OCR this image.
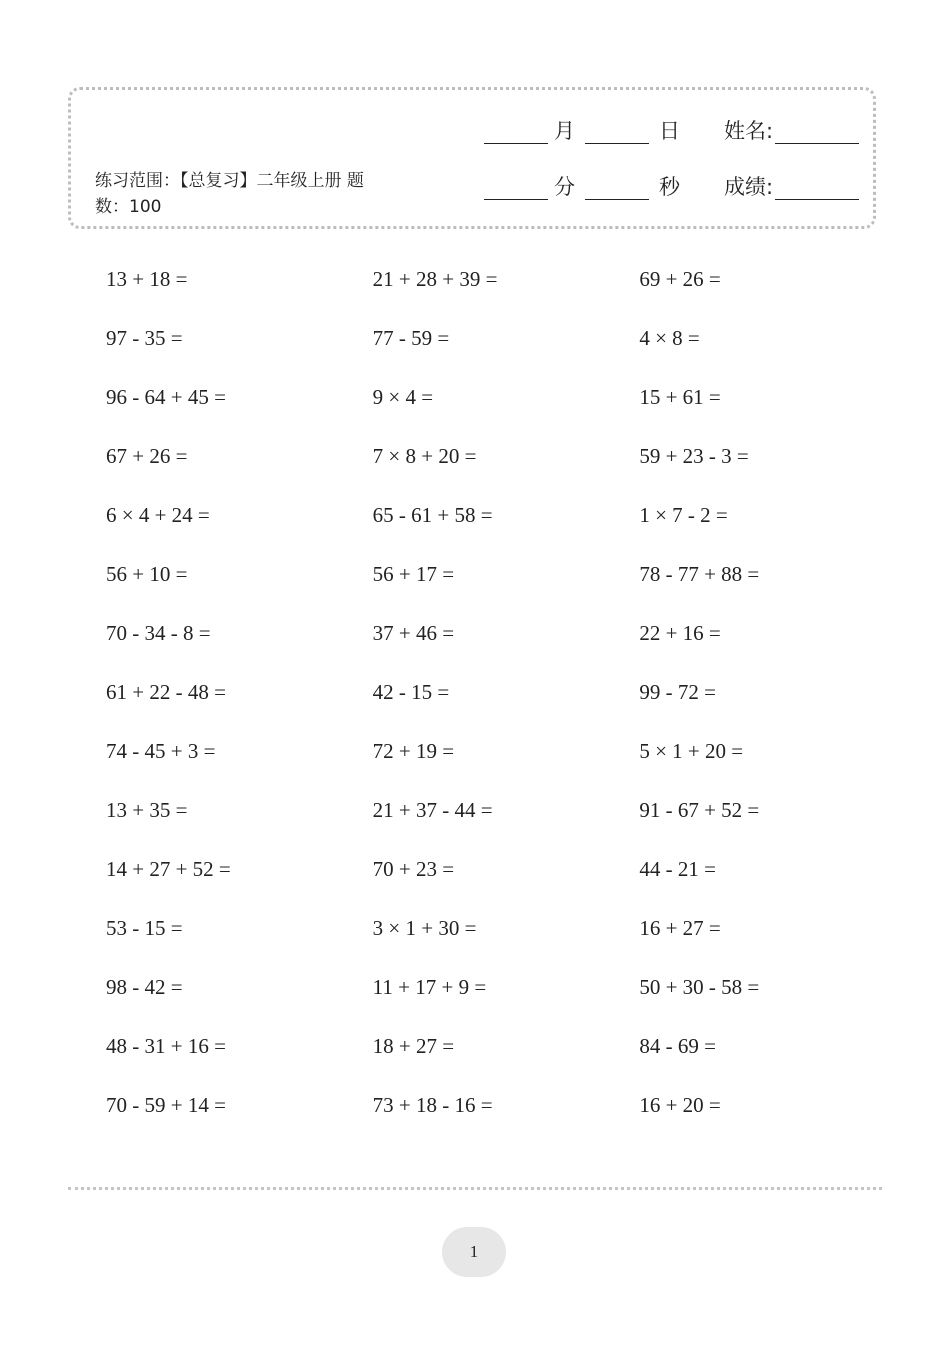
练习范围：【总复习】二年级上册 题数：100
月	日 姓名:
分	秒 成绩:
13 + 18 =	21 + 28 + 39 =	69 + 26 =
97 - 35 =	77 - 59 =	4 × 8 =
96 - 64 + 45 =	9 × 4 =	15 + 61 =
67 + 26 =	7 × 8 + 20 =	59 + 23 - 3 =
6 × 4 + 24 =	65 - 61 + 58 =	1 × 7 - 2 =
56 + 10 =	56 + 17 =	78 - 77 + 88 =
70 - 34 - 8 =	37 + 46 =	22 + 16 =
61 + 22 - 48 =	42 - 15 =	99 - 72 =
74 - 45 + 3 =	72 + 19 =	5 × 1 + 20 =
13 + 35 =	21 + 37 - 44 =	91 - 67 + 52 =
14 + 27 + 52 =	70 + 23 =	44 - 21 =
53 - 15 =	3 × 1 + 30 =	16 + 27 =
98 - 42 =	11 + 17 + 9 =	50 + 30 - 58 =
48 - 31 + 16 =	18 + 27 =	84 - 69 =
70 - 59 + 14 =	73 + 18 - 16 =	16 + 20 =
1
